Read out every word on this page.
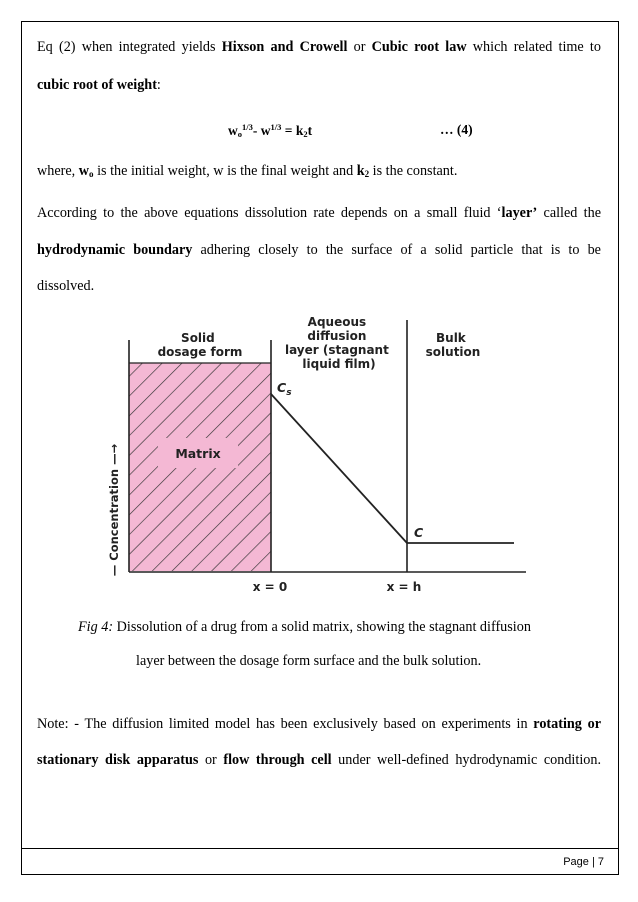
Eq (2) when integrated yields Hixson and Crowell or Cubic root law which related time to

cubic root of weight:

$w_o^{1/3}-$ $w^{1/3} = k_2t$	… (4)

where, $w_o$ is the initial weight, w is the final weight and $k_2$ is the constant.

According to the above equations dissolution rate depends on a small fluid ‘layer’ called the

hydrodynamic boundary adhering closely to the surface of a solid particle that is to be

dissolved.

Matrix
Solid dosage form
Aqueous diffusion layer (stagnant liquid film)
Bulk solution
$C_s$
C
— Concentration —→
x = 0	x = h
Fig 4: Dissolution of a drug from a solid matrix, showing the stagnant diffusion
layer between the dosage form surface and the bulk solution.

Note: - The diffusion limited model has been exclusively based on experiments in rotating or

stationary disk apparatus or flow through cell under well-defined hydrodynamic condition.

Page | 7
